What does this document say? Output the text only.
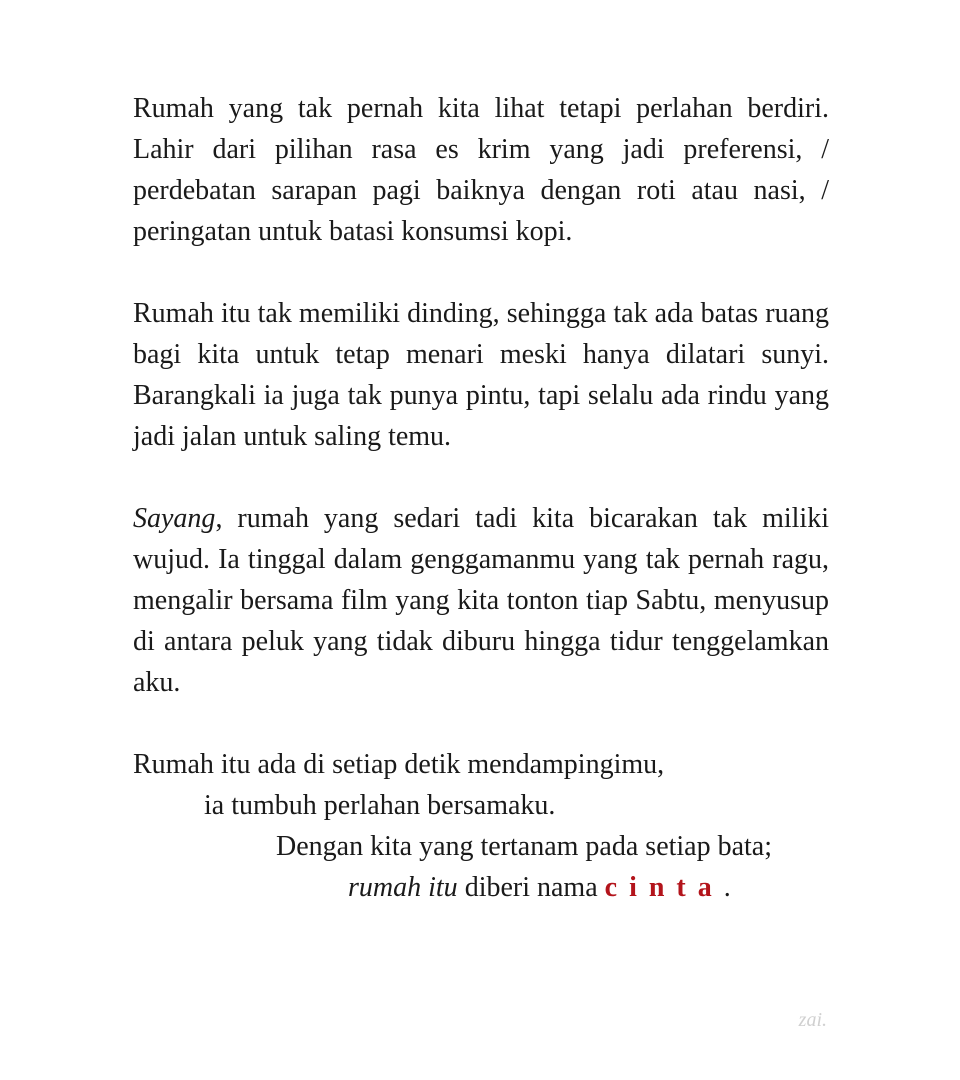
Rumah yang tak pernah kita lihat tetapi perlahan berdiri. Lahir dari pilihan rasa es krim yang jadi preferensi, / perdebatan sarapan pagi baiknya dengan roti atau nasi, / peringatan untuk batasi konsumsi kopi.

Rumah itu tak memiliki dinding, sehingga tak ada batas ruang bagi kita untuk tetap menari meski hanya dilatari sunyi. Barangkali ia juga tak punya pintu, tapi selalu ada rindu yang jadi jalan untuk saling temu.

Sayang, rumah yang sedari tadi kita bicarakan tak miliki wujud. Ia tinggal dalam genggamanmu yang tak pernah ragu, mengalir bersama film yang kita tonton tiap Sabtu, menyusup di antara peluk yang tidak diburu hingga tidur tenggelamkan aku.

Rumah itu ada di setiap detik mendampingimu,
ia tumbuh perlahan bersamaku.
Dengan kita yang tertanam pada setiap bata;
rumah itu diberi nama cinta.
zai.
